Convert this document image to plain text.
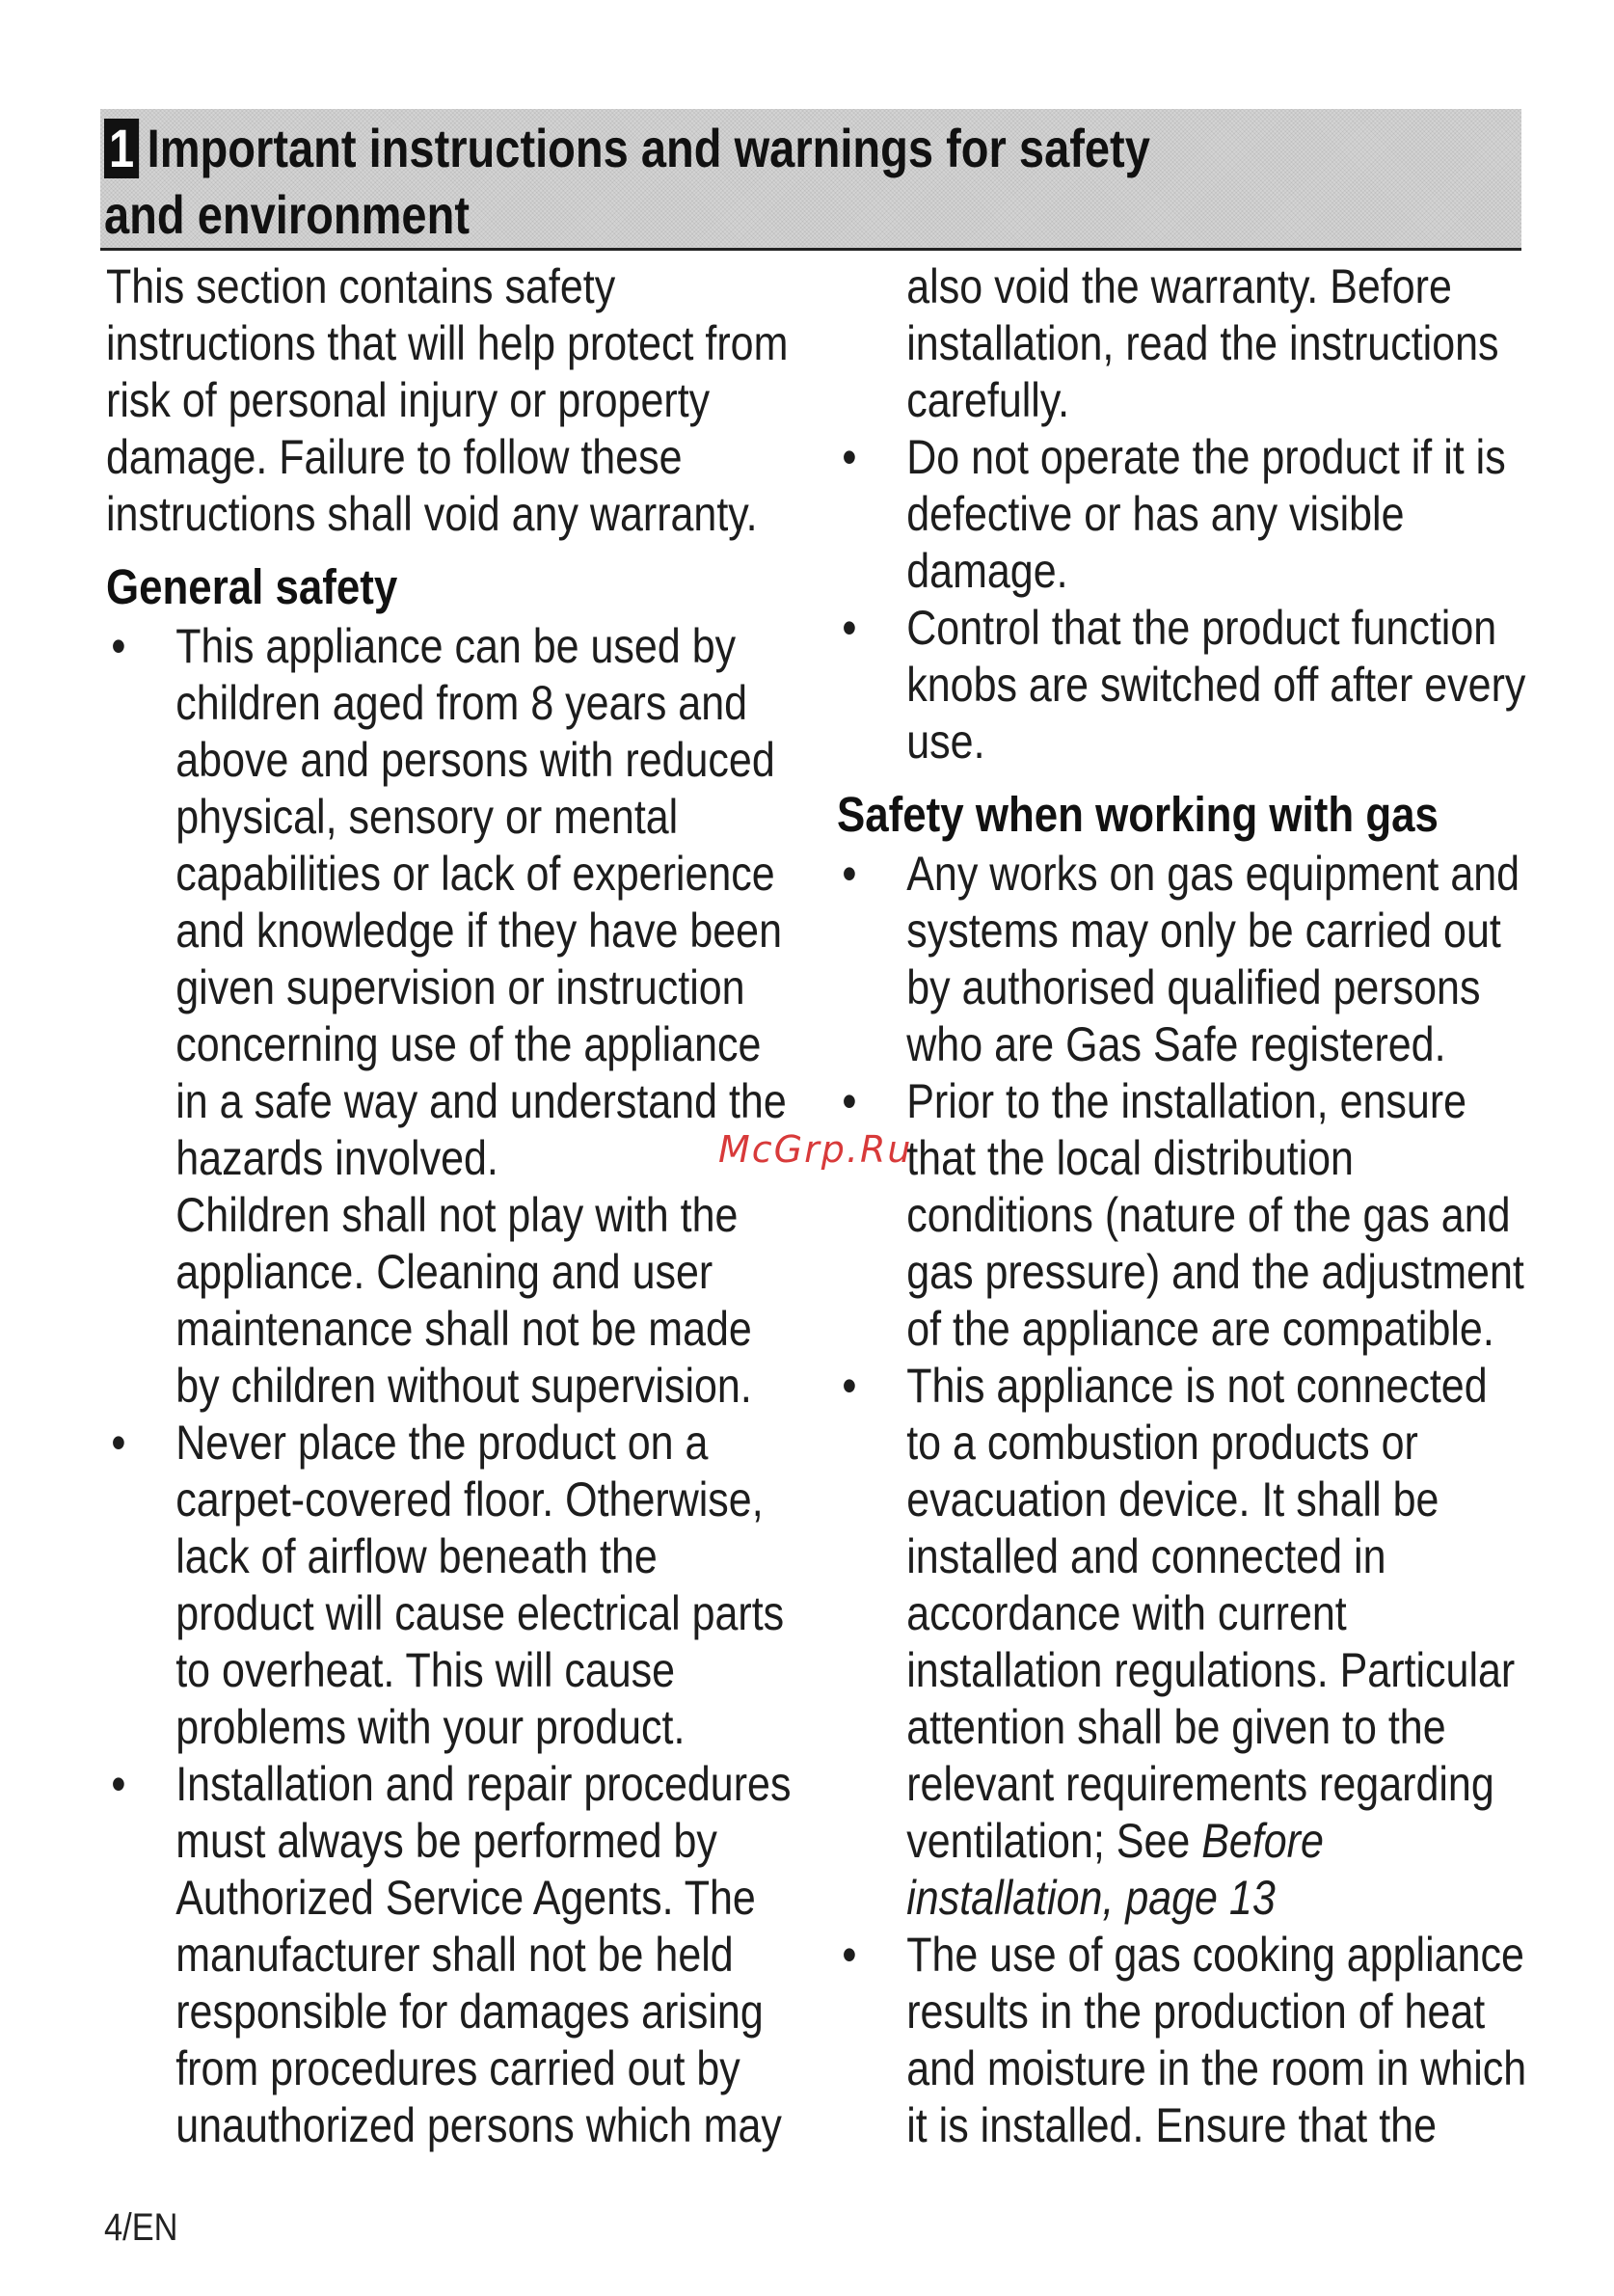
1 Important instructions and warnings for safety and environment

This section contains safety instructions that will help protect from risk of personal injury or property damage. Failure to follow these instructions shall void any warranty.

General safety
• This appliance can be used by children aged from 8 years and above and persons with reduced physical, sensory or mental capabilities or lack of experience and knowledge if they have been given supervision or instruction concerning use of the appliance in a safe way and understand the hazards involved.
Children shall not play with the appliance. Cleaning and user maintenance shall not be made by children without supervision.
• Never place the product on a carpet-covered floor. Otherwise, lack of airflow beneath the product will cause electrical parts to overheat. This will cause problems with your product.
• Installation and repair procedures must always be performed by Authorized Service Agents. The manufacturer shall not be held responsible for damages arising from procedures carried out by unauthorized persons which may

also void the warranty. Before installation, read the instructions carefully.

• Do not operate the product if it is defective or has any visible damage.
• Control that the product function knobs are switched off after every use.
Safety when working with gas
• Any works on gas equipment and systems may only be carried out by authorised qualified persons who are Gas Safe registered.
• Prior to the installation, ensure that the local distribution conditions (nature of the gas and gas pressure) and the adjustment of the appliance are compatible.
• This appliance is not connected to a combustion products or evacuation device. It shall be installed and connected in accordance with current installation regulations. Particular attention shall be given to the relevant requirements regarding ventilation; See Before installation, page 13
• The use of gas cooking appliance results in the production of heat and moisture in the room in which it is installed. Ensure that the
McGrp.Ru
4/EN
